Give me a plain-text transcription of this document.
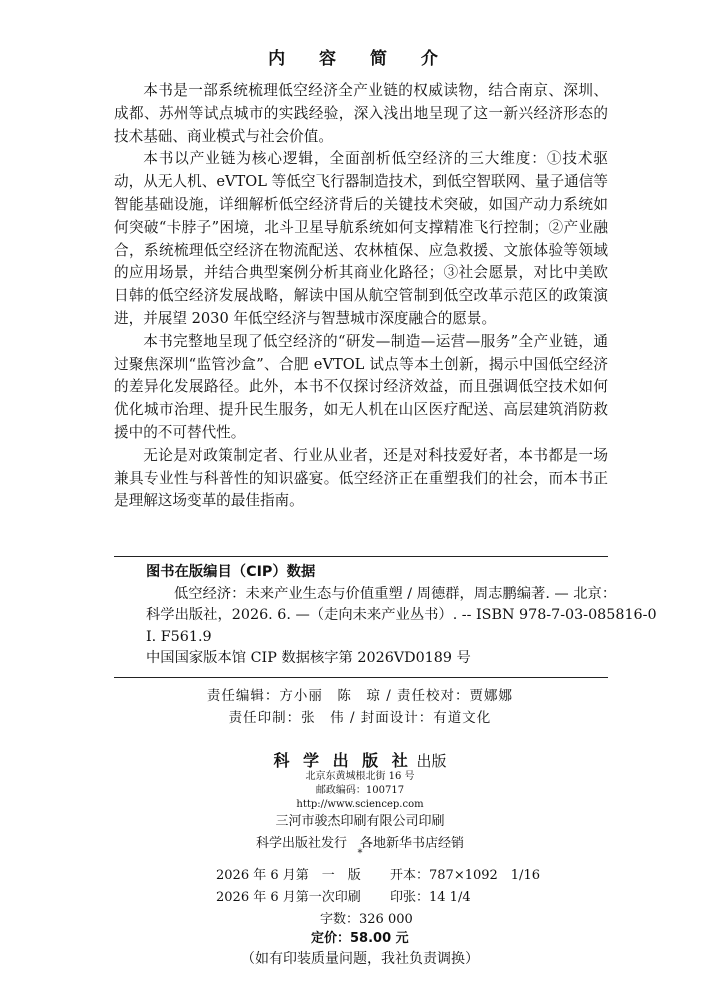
内 容 简 介

本书是一部系统梳理低空经济全产业链的权威读物，结合南京、深圳、成都、苏州等试点城市的实践经验，深入浅出地呈现了这一新兴经济形态的技术基础、商业模式与社会价值。

本书以产业链为核心逻辑，全面剖析低空经济的三大维度：①技术驱动，从无人机、eVTOL 等低空飞行器制造技术，到低空智联网、量子通信等智能基础设施，详细解析低空经济背后的关键技术突破，如国产动力系统如何突破“卡脖子”困境，北斗卫星导航系统如何支撑精准飞行控制；②产业融合，系统梳理低空经济在物流配送、农林植保、应急救援、文旅体验等领域的应用场景，并结合典型案例分析其商业化路径；③社会愿景，对比中美欧日韩的低空经济发展战略，解读中国从航空管制到低空改革示范区的政策演进，并展望 2030 年低空经济与智慧城市深度融合的愿景。

本书完整地呈现了低空经济的“研发—制造—运营—服务”全产业链，通过聚焦深圳“监管沙盒”、合肥 eVTOL 试点等本土创新，揭示中国低空经济的差异化发展路径。此外，本书不仅探讨经济效益，而且强调低空技术如何优化城市治理、提升民生服务，如无人机在山区医疗配送、高层建筑消防救援中的不可替代性。

无论是对政策制定者、行业从业者，还是对科技爱好者，本书都是一场兼具专业性与科普性的知识盛宴。低空经济正在重塑我们的社会，而本书正是理解这场变革的最佳指南。

图书在版编目（CIP）数据
低空经济：未来产业生态与价值重塑 / 周德群，周志鹏编著. — 北京：
科学出版社，2026. 6. —（走向未来产业丛书）. -- ISBN 978-7-03-085816-0
Ⅰ. F561.9
中国国家版本馆 CIP 数据核字第 2026VD0189 号
责任编辑：方小丽　陈　琼 / 责任校对：贾娜娜
责任印制：张　伟 / 封面设计：有道文化
科 学 出 版 社 出版
北京东黄城根北街 16 号
邮政编码：100717
http://www.sciencep.com
三河市骏杰印刷有限公司印刷
科学出版社发行　各地新华书店经销
*
2026 年 6 月第　一　版 开本：787×1092　1/16
2026 年 6 月第一次印刷 印张：14 1/4
字数：326 000
定价：58.00 元
（如有印装质量问题，我社负责调换）
